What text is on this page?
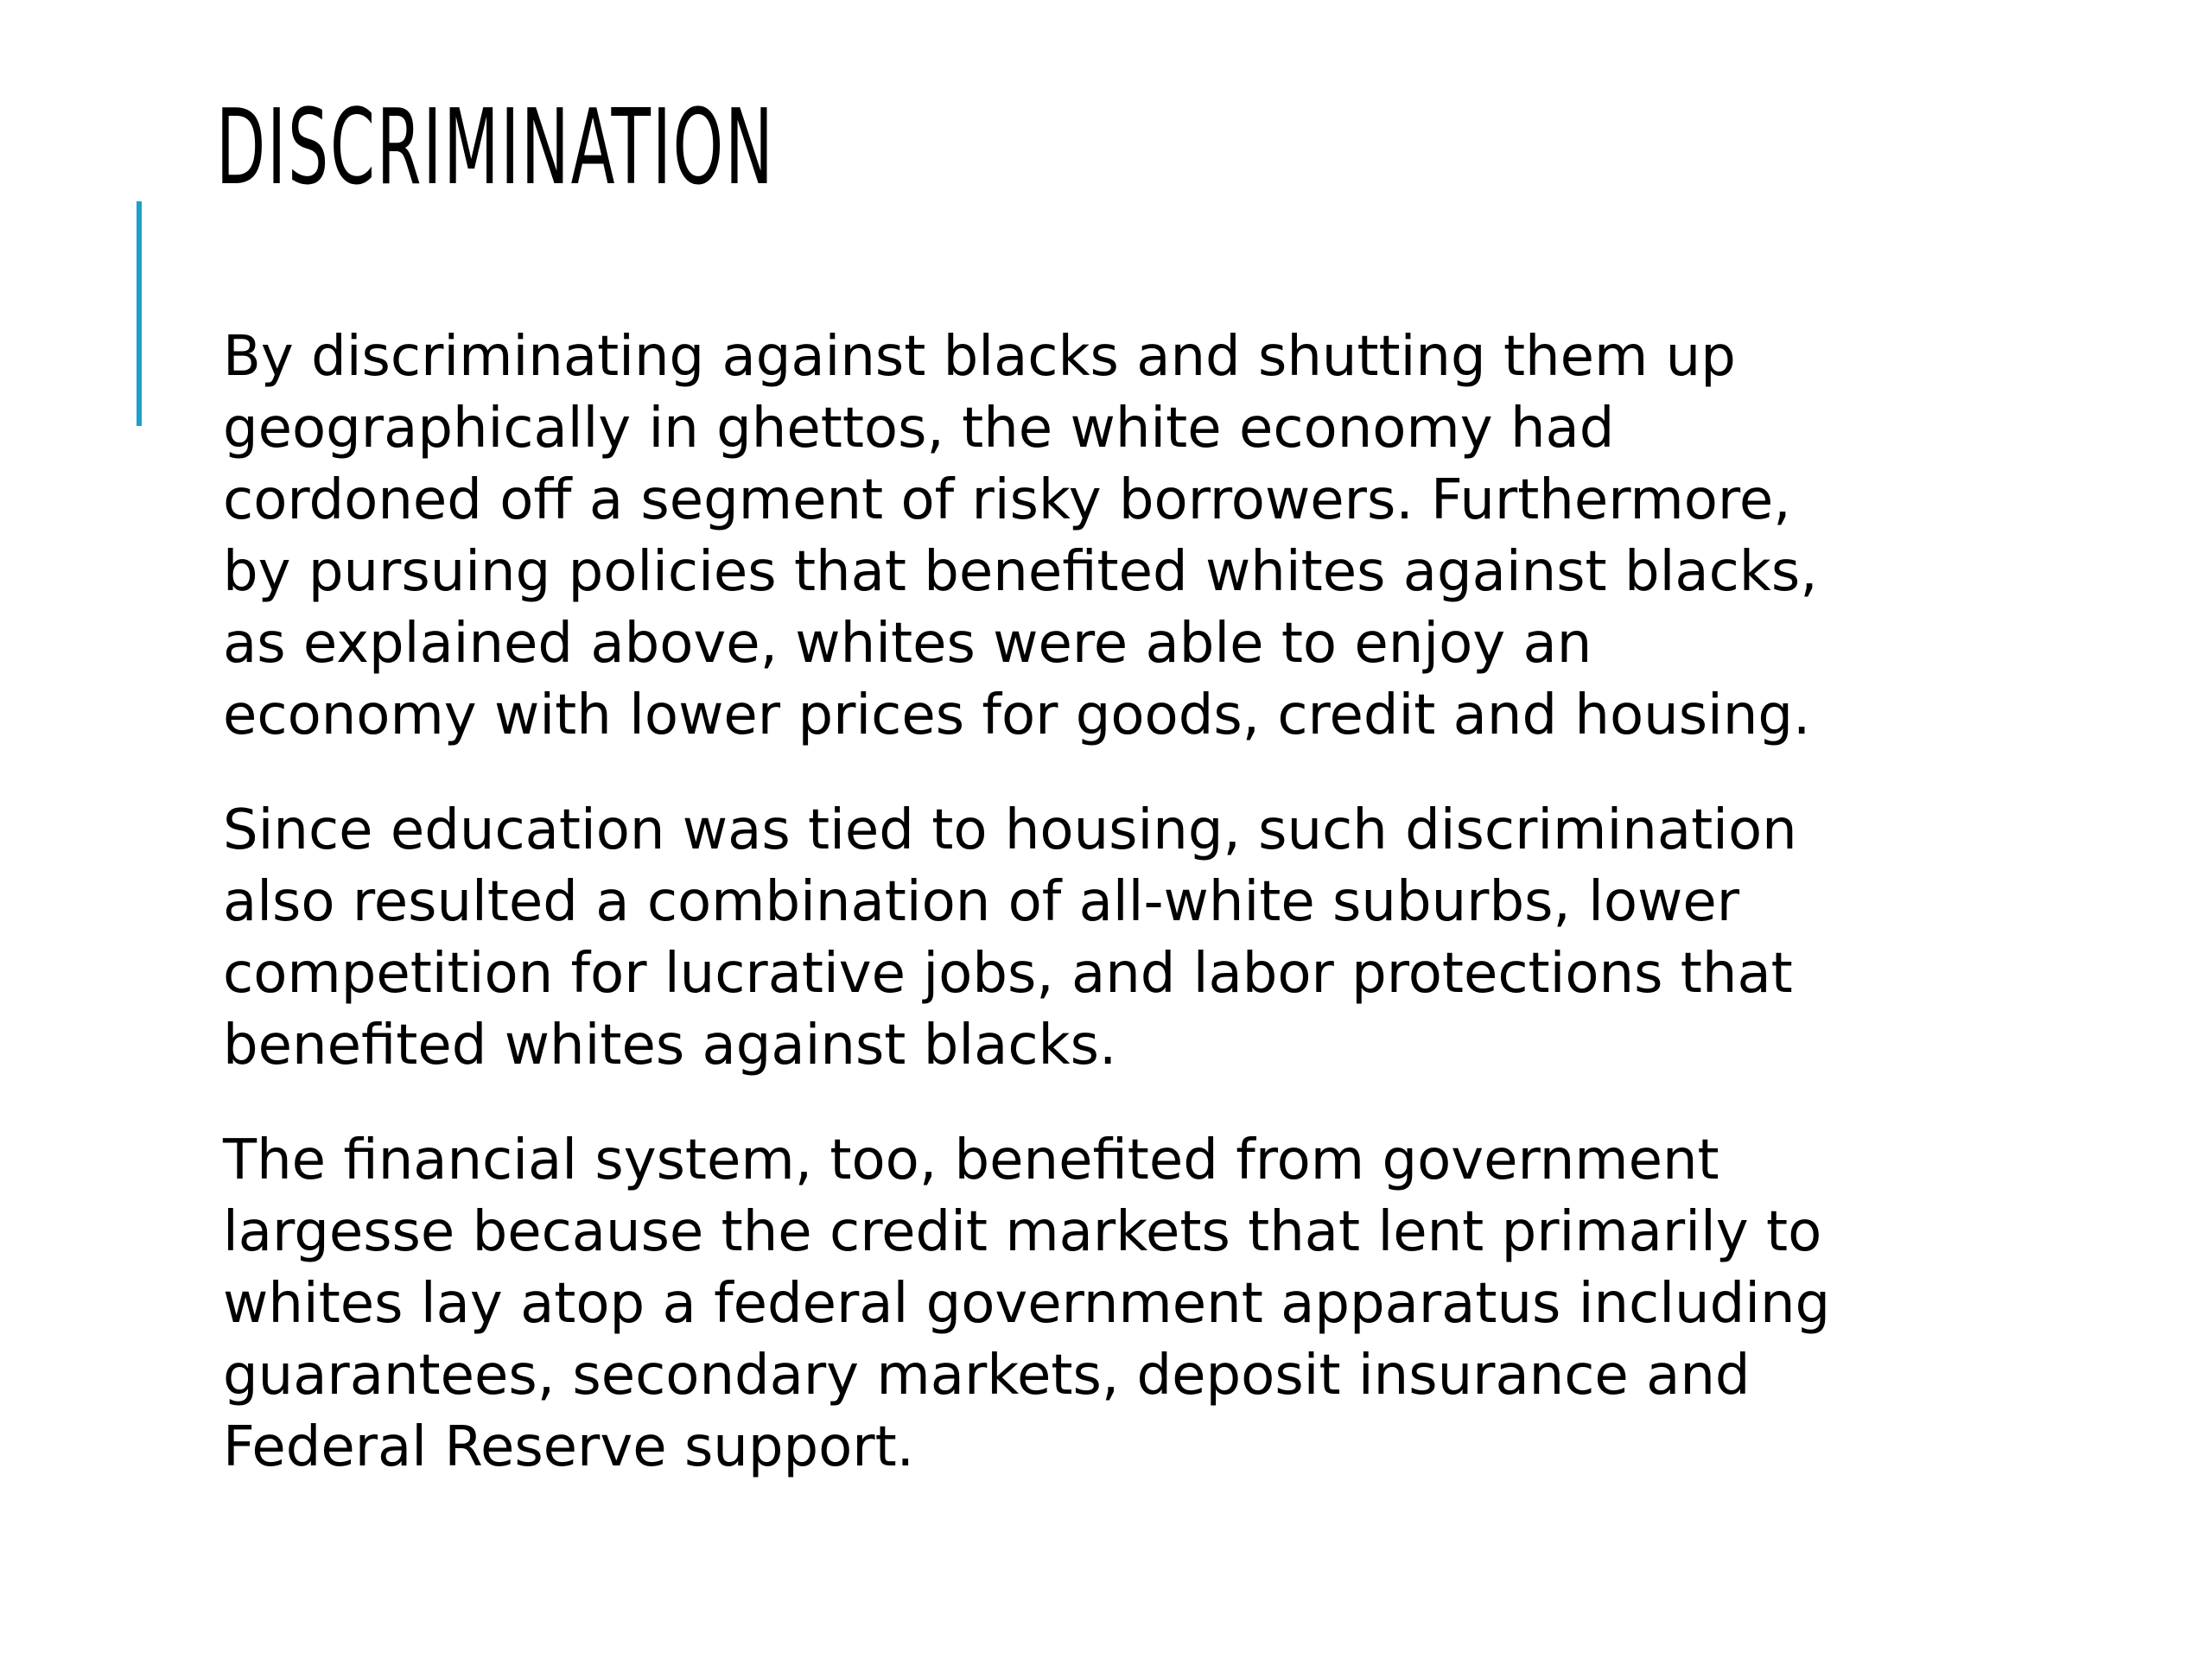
DISCRIMINATION

By discriminating against blacks and shutting them up
geographically in ghettos, the white economy had
cordoned off a segment of risky borrowers. Furthermore,
by pursuing policies that benefited whites against blacks,
as explained above, whites were able to enjoy an
economy with lower prices for goods, credit and housing.

Since education was tied to housing, such discrimination
also resulted a combination of all-white suburbs, lower
competition for lucrative jobs, and labor protections that
benefited whites against blacks.

The financial system, too, benefited from government
largesse because the credit markets that lent primarily to
whites lay atop a federal government apparatus including
guarantees, secondary markets, deposit insurance and
Federal Reserve support.
